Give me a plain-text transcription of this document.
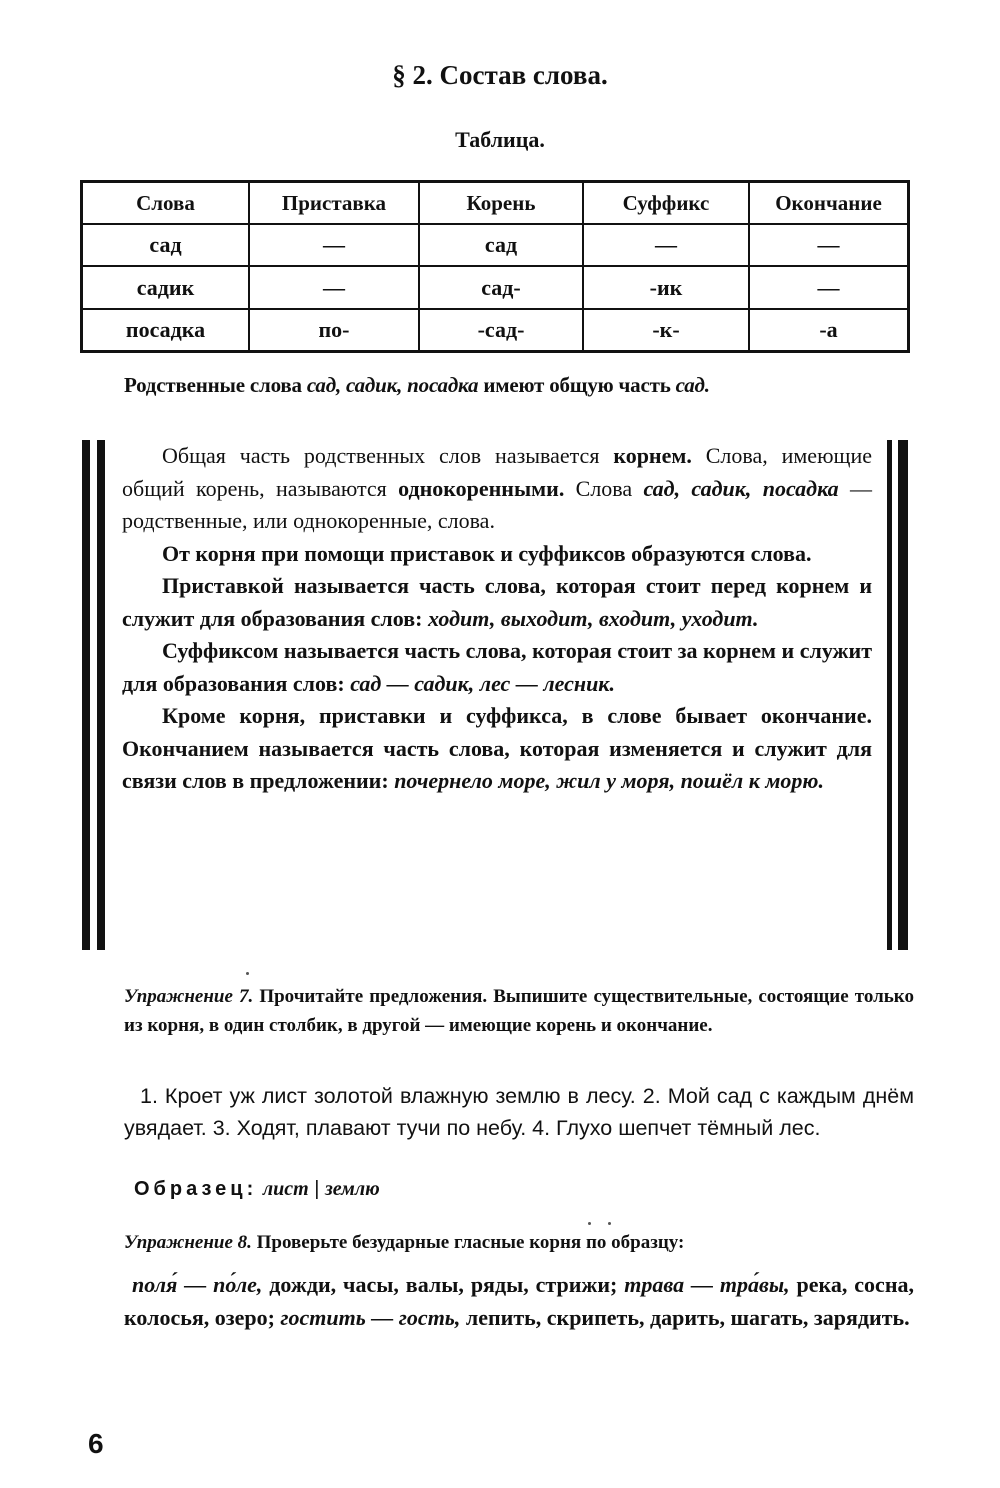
§ 2. Состав слова.
Таблица.
Слова	Приставка	Корень	Суффикс	Окончание
сад	—	сад	—	—
садик	—	сад-	-ик	—
посадка	по-	-сад-	-к-	-а
Родственные слова сад, садик, посадка имеют общую часть сад.

Общая часть родственных слов называется корнем. Слова, имеющие общий корень, называются однокоренными. Слова сад, садик, посадка — родственные, или однокоренные, слова.

От корня при помощи приставок и суффиксов образуются слова.

Приставкой называется часть слова, которая стоит перед корнем и служит для образования слов: ходит, выходит, входит, уходит.

Суффиксом называется часть слова, которая стоит за корнем и служит для образования слов: сад — садик, лес — лесник.

Кроме корня, приставки и суффикса, в слове бывает окончание. Окончанием называется часть слова, которая изменяется и служит для связи слов в предложении: почернело море, жил у моря, пошёл к морю.

Упражнение 7. Прочитайте предложения. Выпишите существительные, состоящие только из корня, в один столбик, в другой — имеющие корень и окончание.

1. Кроет уж лист золотой влажную землю в лесу. 2. Мой сад с каждым днём увядает. 3. Ходят, плавают тучи по небу. 4. Глухо шепчет тёмный лес.

Образец: лист | землю
Упражнение 8. Проверьте безударные гласные корня по образцу:

поля́ — по́ле, дожди, часы, валы, ряды, стрижи; трава — тра́вы, река, сосна, колосья, озеро; гостить — гость, лепить, скрипеть, дарить, шагать, зарядить.

6
